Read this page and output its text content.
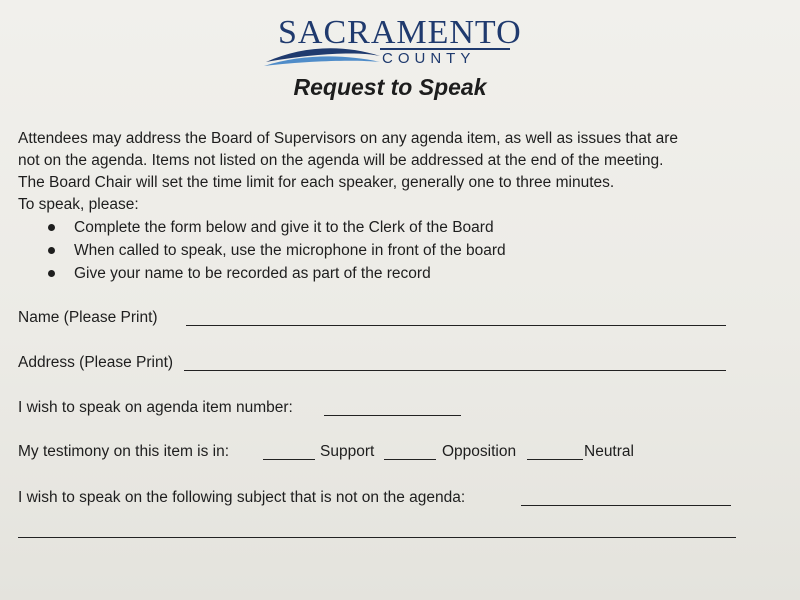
SACRAMENTO
COUNTY
Request to Speak

Attendees may address the Board of Supervisors on any agenda item, as well as issues that are

not on the agenda. Items not listed on the agenda will be addressed at the end of the meeting.

The Board Chair will set the time limit for each speaker, generally one to three minutes.

To speak, please:

Complete the form below and give it to the Clerk of the Board
When called to speak, use the microphone in front of the board
Give your name to be recorded as part of the record
Name (Please Print)
Address (Please Print)
I wish to speak on agenda item number:
My testimony on this item is in:	Support	Opposition	Neutral
I wish to speak on the following subject that is not on the agenda:
